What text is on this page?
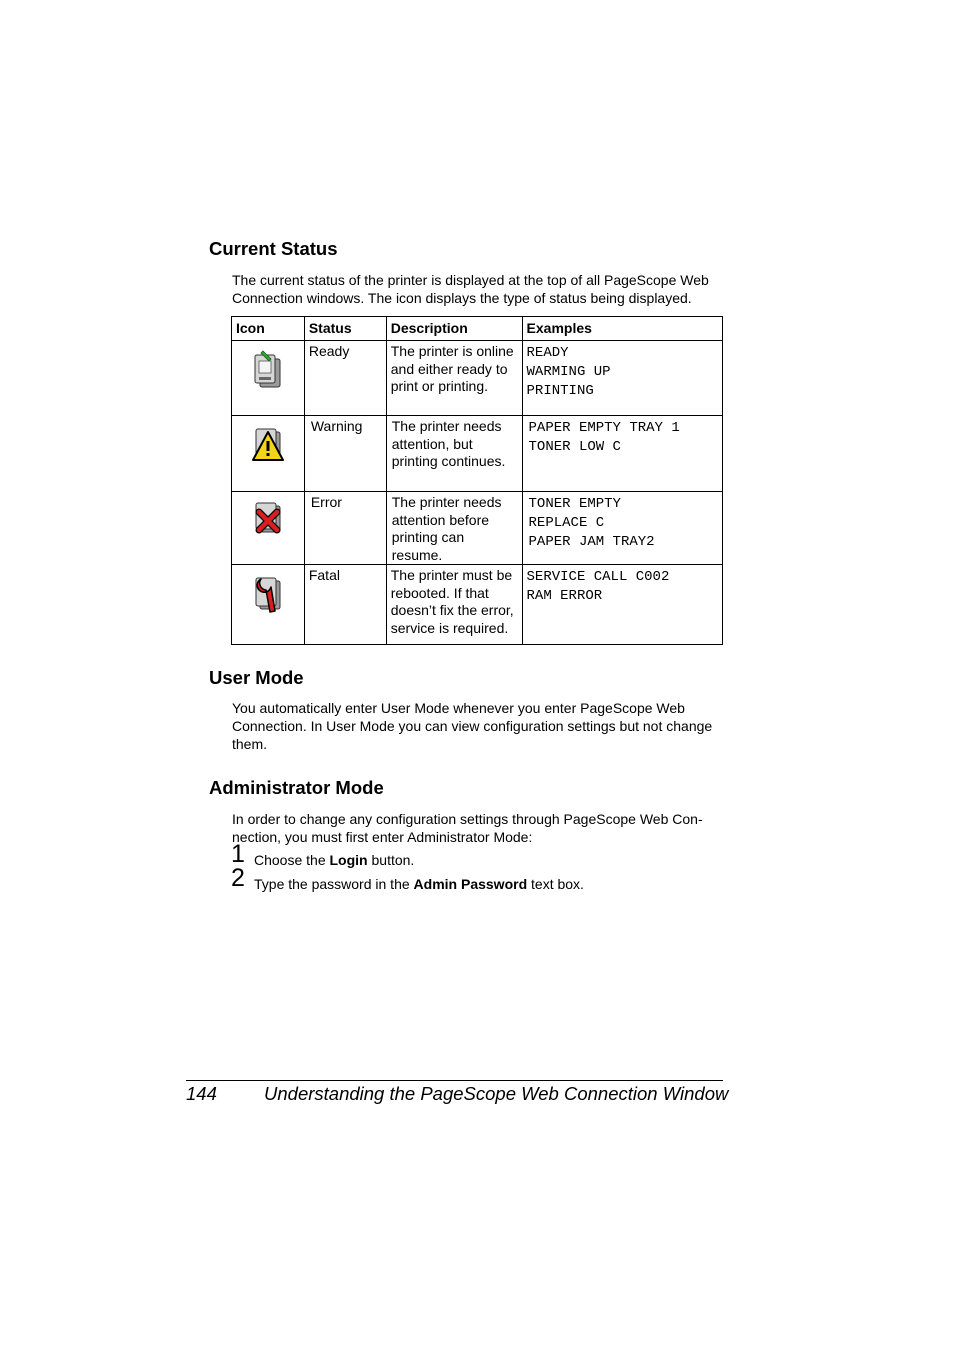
Current Status
The current status of the printer is displayed at the top of all PageScope Web Connection windows. The icon displays the type of status being displayed.
Icon	Status	Description	Examples

Ready	The printer is online and either ready to print or printing.	READY
WARMING UP
PRINTING

Warning	The printer needs attention, but printing continues.	PAPER EMPTY TRAY 1
TONER LOW C

Error	The printer needs attention before printing can resume.	TONER EMPTY
REPLACE C
PAPER JAM TRAY2

Fatal	The printer must be rebooted. If that doesn’t fix the error, service is required.	SERVICE CALL C002
RAM ERROR
User Mode
You automatically enter User Mode whenever you enter PageScope Web Connection. In User Mode you can view configuration settings but not change them.
Administrator Mode
In order to change any configuration settings through PageScope Web Con-nection, you must first enter Administrator Mode:
1 Choose the Login button.
2 Type the password in the Admin Password text box.
144	Understanding the PageScope Web Connection Window
